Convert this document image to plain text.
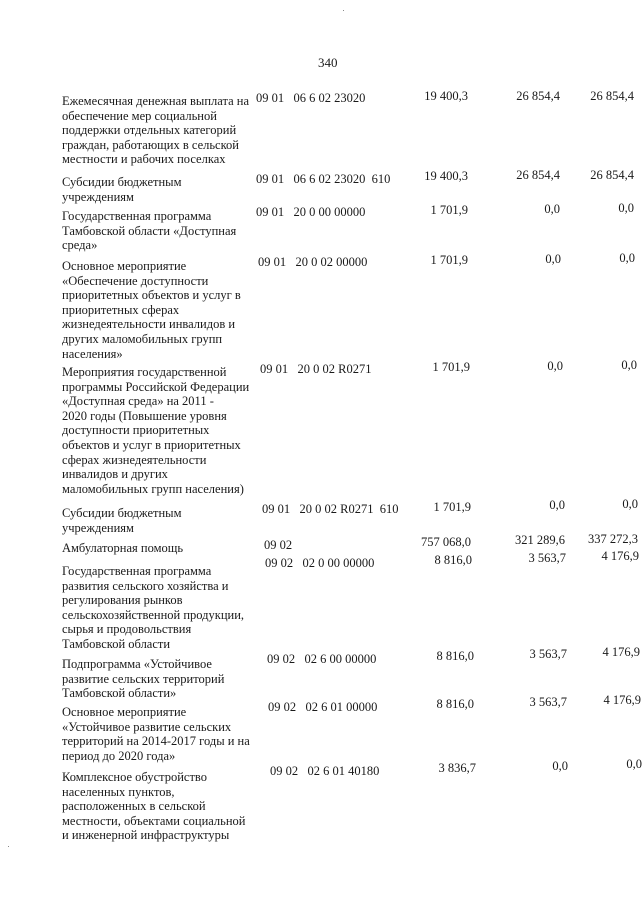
340
Ежемесячная денежная выплата на
обеспечение мер социальной
поддержки отдельных категорий
граждан, работающих в сельской
местности и рабочих поселках
09 01   06 6 02 23020	19 400,3	26 854,4	26 854,4
Субсидии бюджетным
учреждениям
09 01   06 6 02 23020  610	19 400,3	26 854,4	26 854,4
Государственная программа
Тамбовской области «Доступная
среда»
09 01   20 0 00 00000	1 701,9	0,0	0,0
Основное мероприятие
«Обеспечение доступности
приоритетных объектов и услуг в
приоритетных сферах
жизнедеятельности инвалидов и
других маломобильных групп
населения»
09 01   20 0 02 00000	1 701,9	0,0	0,0
Мероприятия государственной
программы Российской Федерации
«Доступная среда» на 2011 -
2020 годы (Повышение уровня
доступности приоритетных
объектов и услуг в приоритетных
сферах жизнедеятельности
инвалидов и других
маломобильных групп населения)
09 01   20 0 02 R0271	1 701,9	0,0	0,0
Субсидии бюджетным
учреждениям
09 01   20 0 02 R0271  610	1 701,9	0,0	0,0
Амбулаторная помощь	09 02	757 068,0	321 289,6	337 272,3
Государственная программа
развития сельского хозяйства и
регулирования рынков
сельскохозяйственной продукции,
сырья и продовольствия
Тамбовской области
09 02   02 0 00 00000	8 816,0	3 563,7	4 176,9
Подпрограмма «Устойчивое
развитие сельских территорий
Тамбовской области»
09 02   02 6 00 00000	8 816,0	3 563,7	4 176,9
Основное мероприятие
«Устойчивое развитие сельских
территорий на 2014-2017 годы и на
период до 2020 года»
09 02   02 6 01 00000	8 816,0	3 563,7	4 176,9
Комплексное обустройство
населенных пунктов,
расположенных в сельской
местности, объектами социальной
и инженерной инфраструктуры
09 02   02 6 01 40180	3 836,7	0,0	0,0
